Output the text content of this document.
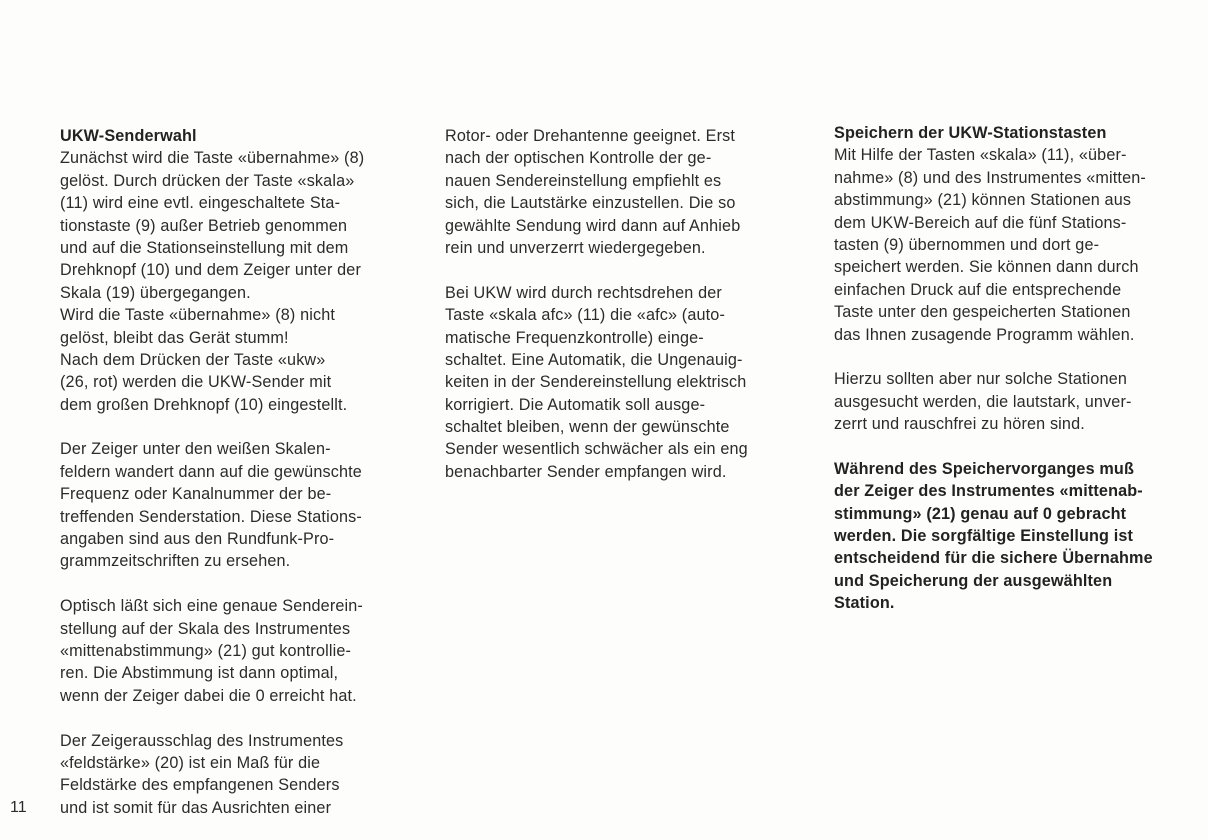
UKW-Senderwahl
Zunächst wird die Taste «übernahme» (8)
gelöst. Durch drücken der Taste «skala»
(11) wird eine evtl. eingeschaltete Sta-
tionstaste (9) außer Betrieb genommen
und auf die Stationseinstellung mit dem
Drehknopf (10) und dem Zeiger unter der
Skala (19) übergegangen.
Wird die Taste «übernahme» (8) nicht
gelöst, bleibt das Gerät stumm!
Nach dem Drücken der Taste «ukw»
(26, rot) werden die UKW-Sender mit
dem großen Drehknopf (10) eingestellt.
Der Zeiger unter den weißen Skalen-
feldern wandert dann auf die gewünschte
Frequenz oder Kanalnummer der be-
treffenden Senderstation. Diese Stations-
angaben sind aus den Rundfunk-Pro-
grammzeitschriften zu ersehen.
Optisch läßt sich eine genaue Senderein-
stellung auf der Skala des Instrumentes
«mittenabstimmung» (21) gut kontrollie-
ren. Die Abstimmung ist dann optimal,
wenn der Zeiger dabei die 0 erreicht hat.
Der Zeigerausschlag des Instrumentes
«feldstärke» (20) ist ein Maß für die
Feldstärke des empfangenen Senders
und ist somit für das Ausrichten einer
Rotor- oder Drehantenne geeignet. Erst
nach der optischen Kontrolle der ge-
nauen Sendereinstellung empfiehlt es
sich, die Lautstärke einzustellen. Die so
gewählte Sendung wird dann auf Anhieb
rein und unverzerrt wiedergegeben.
Bei UKW wird durch rechtsdrehen der
Taste «skala afc» (11) die «afc» (auto-
matische Frequenzkontrolle) einge-
schaltet. Eine Automatik, die Ungenauig-
keiten in der Sendereinstellung elektrisch
korrigiert. Die Automatik soll ausge-
schaltet bleiben, wenn der gewünschte
Sender wesentlich schwächer als ein eng
benachbarter Sender empfangen wird.
Speichern der UKW-Stationstasten
Mit Hilfe der Tasten «skala» (11), «über-
nahme» (8) und des Instrumentes «mitten-
abstimmung» (21) können Stationen aus
dem UKW-Bereich auf die fünf Stations-
tasten (9) übernommen und dort ge-
speichert werden. Sie können dann durch
einfachen Druck auf die entsprechende
Taste unter den gespeicherten Stationen
das Ihnen zusagende Programm wählen.
Hierzu sollten aber nur solche Stationen
ausgesucht werden, die lautstark, unver-
zerrt und rauschfrei zu hören sind.
Während des Speichervorganges muß
der Zeiger des Instrumentes «mittenab-
stimmung» (21) genau auf 0 gebracht
werden. Die sorgfältige Einstellung ist
entscheidend für die sichere Übernahme
und Speicherung der ausgewählten
Station.
11
